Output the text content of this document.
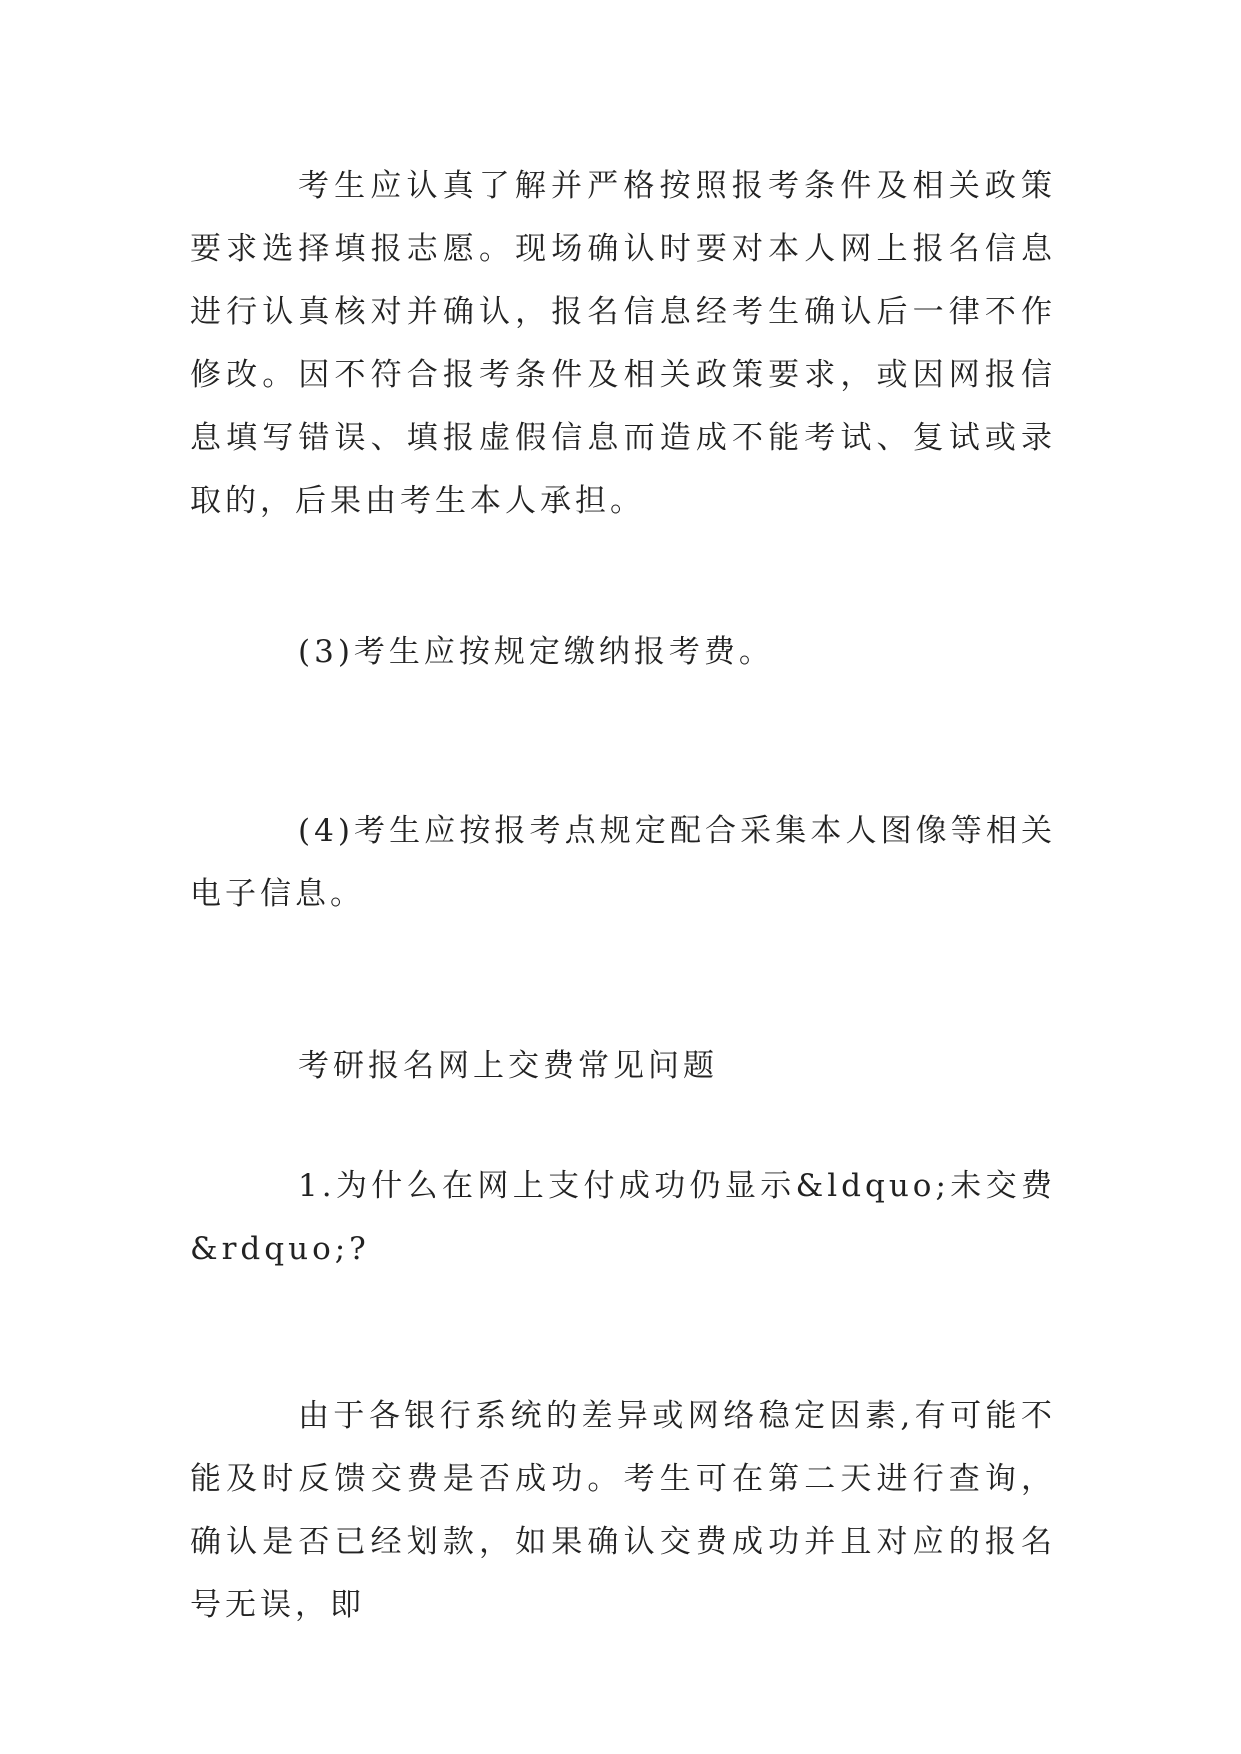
考生应认真了解并严格按照报考条件及相关政策要求选择填报志愿。现场确认时要对本人网上报名信息进行认真核对并确认，报名信息经考生确认后一律不作修改。因不符合报考条件及相关政策要求，或因网报信息填写错误、填报虚假信息而造成不能考试、复试或录取的，后果由考生本人承担。

(3)考生应按规定缴纳报考费。

(4)考生应按报考点规定配合采集本人图像等相关电子信息。

考研报名网上交费常见问题

1.为什么在网上支付成功仍显示&ldquo;未交费&rdquo;?

由于各银行系统的差异或网络稳定因素,有可能不能及时反馈交费是否成功。考生可在第二天进行查询，确认是否已经划款，如果确认交费成功并且对应的报名号无误，即
